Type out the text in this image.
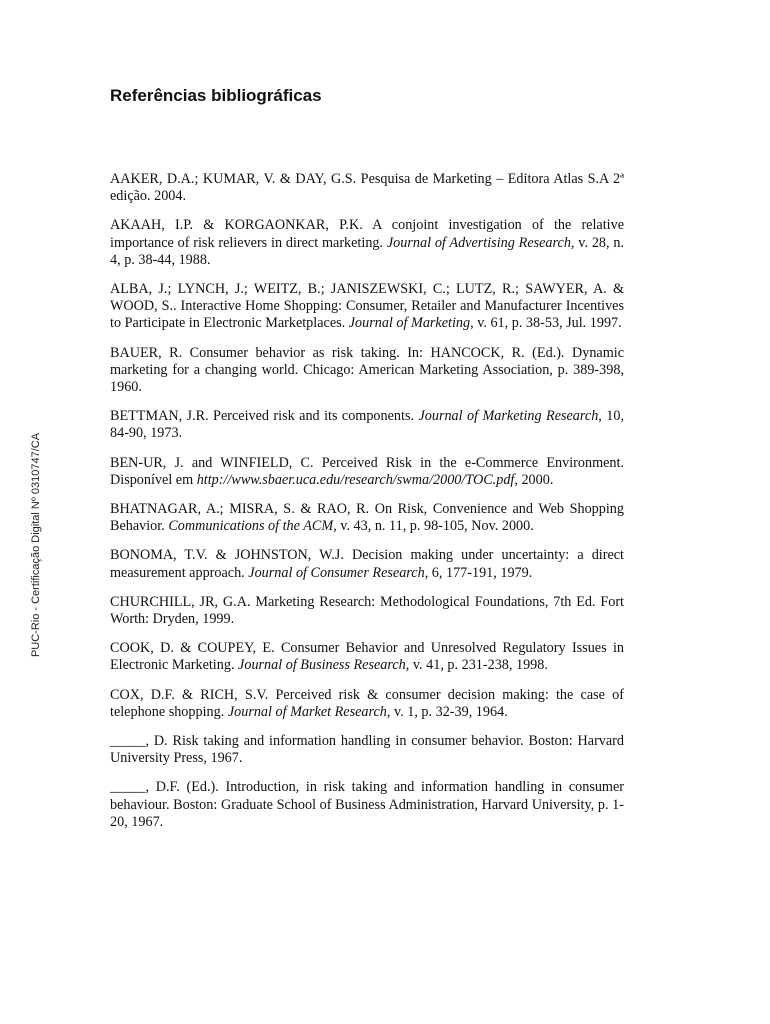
PUC-Rio - Certificação Digital Nº 0310747/CA
Referências bibliográficas

AAKER, D.A.; KUMAR, V. & DAY, G.S. Pesquisa de Marketing – Editora Atlas S.A 2ª edição. 2004.

AKAAH, I.P. & KORGAONKAR, P.K. A conjoint investigation of the relative importance of risk relievers in direct marketing. Journal of Advertising Research, v. 28, n. 4, p. 38-44, 1988.

ALBA, J.; LYNCH, J.; WEITZ, B.; JANISZEWSKI, C.; LUTZ, R.; SAWYER, A. & WOOD, S.. Interactive Home Shopping: Consumer, Retailer and Manufacturer Incentives to Participate in Electronic Marketplaces. Journal of Marketing, v. 61, p. 38-53, Jul. 1997.

BAUER, R. Consumer behavior as risk taking. In: HANCOCK, R. (Ed.). Dynamic marketing for a changing world. Chicago: American Marketing Association, p. 389-398, 1960.

BETTMAN, J.R. Perceived risk and its components. Journal of Marketing Research, 10, 84-90, 1973.

BEN-UR, J. and WINFIELD, C. Perceived Risk in the e-Commerce Environment. Disponível em http://www.sbaer.uca.edu/research/swma/2000/TOC.pdf, 2000.

BHATNAGAR, A.; MISRA, S. & RAO, R. On Risk, Convenience and Web Shopping Behavior. Communications of the ACM, v. 43, n. 11, p. 98-105, Nov. 2000.

BONOMA, T.V. & JOHNSTON, W.J. Decision making under uncertainty: a direct measurement approach. Journal of Consumer Research, 6, 177-191, 1979.

CHURCHILL, JR, G.A. Marketing Research: Methodological Foundations, 7th Ed. Fort Worth: Dryden, 1999.

COOK, D. & COUPEY, E. Consumer Behavior and Unresolved Regulatory Issues in Electronic Marketing. Journal of Business Research, v. 41, p. 231-238, 1998.

COX, D.F. & RICH, S.V. Perceived risk & consumer decision making: the case of telephone shopping. Journal of Market Research, v. 1, p. 32-39, 1964.

_____, D. Risk taking and information handling in consumer behavior. Boston: Harvard University Press, 1967.

_____, D.F. (Ed.). Introduction, in risk taking and information handling in consumer behaviour. Boston: Graduate School of Business Administration, Harvard University, p. 1-20, 1967.
